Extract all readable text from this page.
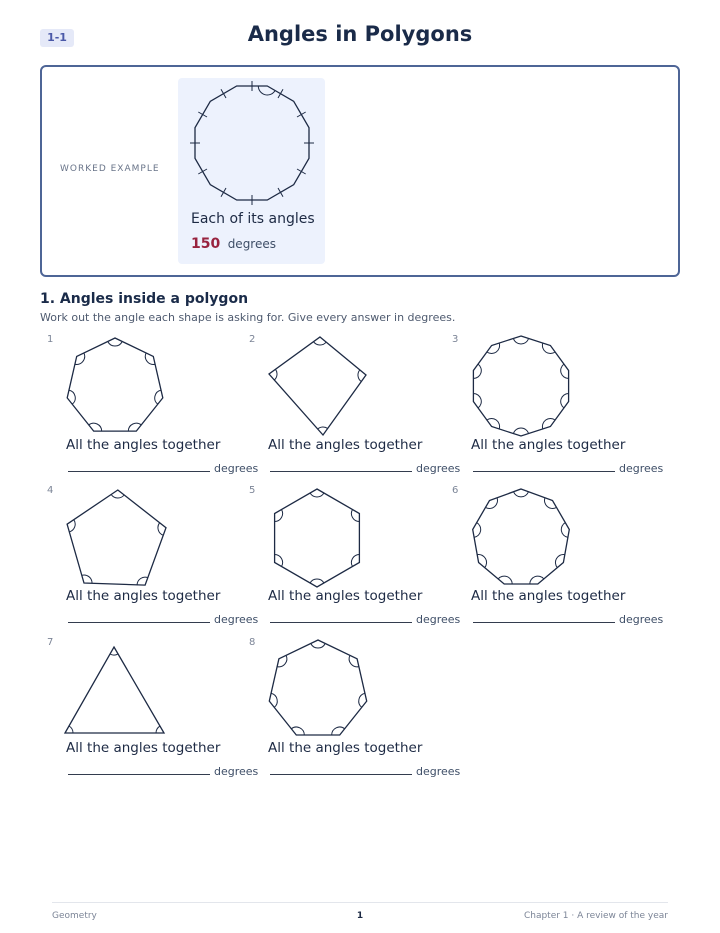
1-1	Angles in Polygons
WORKED EXAMPLE
Each of its angles
150 degrees
1. Angles inside a polygon
Work out the angle each shape is asking for. Give every answer in degrees.
1
All the angles together
degrees
2
All the angles together
degrees
3
All the angles together
degrees
4
All the angles together
degrees
5
All the angles together
degrees
6
All the angles together
degrees
7
All the angles together
degrees
8
All the angles together
degrees
Geometry	1	Chapter 1 · A review of the year
